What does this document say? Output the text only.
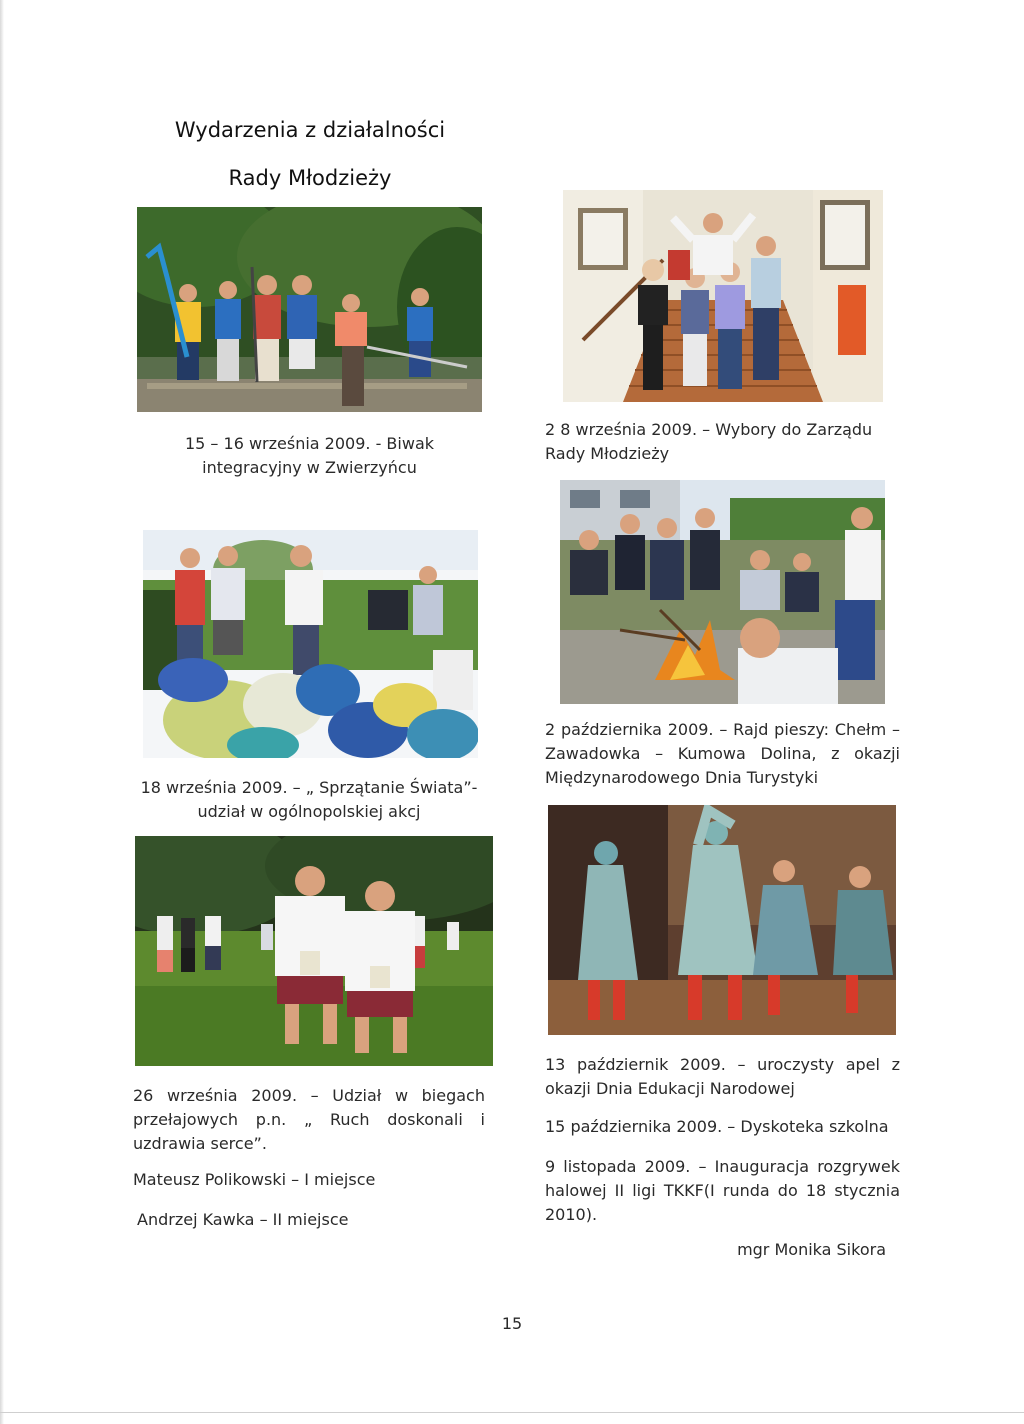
Wydarzenia z działalności
Rady Młodzieży
15 – 16 września 2009. - Biwak integracyjny w Zwierzyńcu
2 8 września 2009. – Wybory do Zarządu Rady Młodzieży
18 września 2009. – „ Sprzątanie Świata”- udział w ogólnopolskiej akcj
2 października 2009. – Rajd pieszy: Chełm – Zawadowka – Kumowa Dolina, z okazji Międzynarodowego Dnia Turystyki
26 września 2009. – Udział w biegach przełajowych p.n. „ Ruch doskonali i uzdrawia serce”.
Mateusz Polikowski – I miejsce
Andrzej Kawka – II miejsce
13 październik 2009. – uroczysty apel z okazji Dnia Edukacji Narodowej
15 października 2009. – Dyskoteka szkolna
9 listopada 2009. – Inauguracja rozgrywek halowej II ligi TKKF(I runda do 18 stycznia 2010).
mgr Monika Sikora
15
